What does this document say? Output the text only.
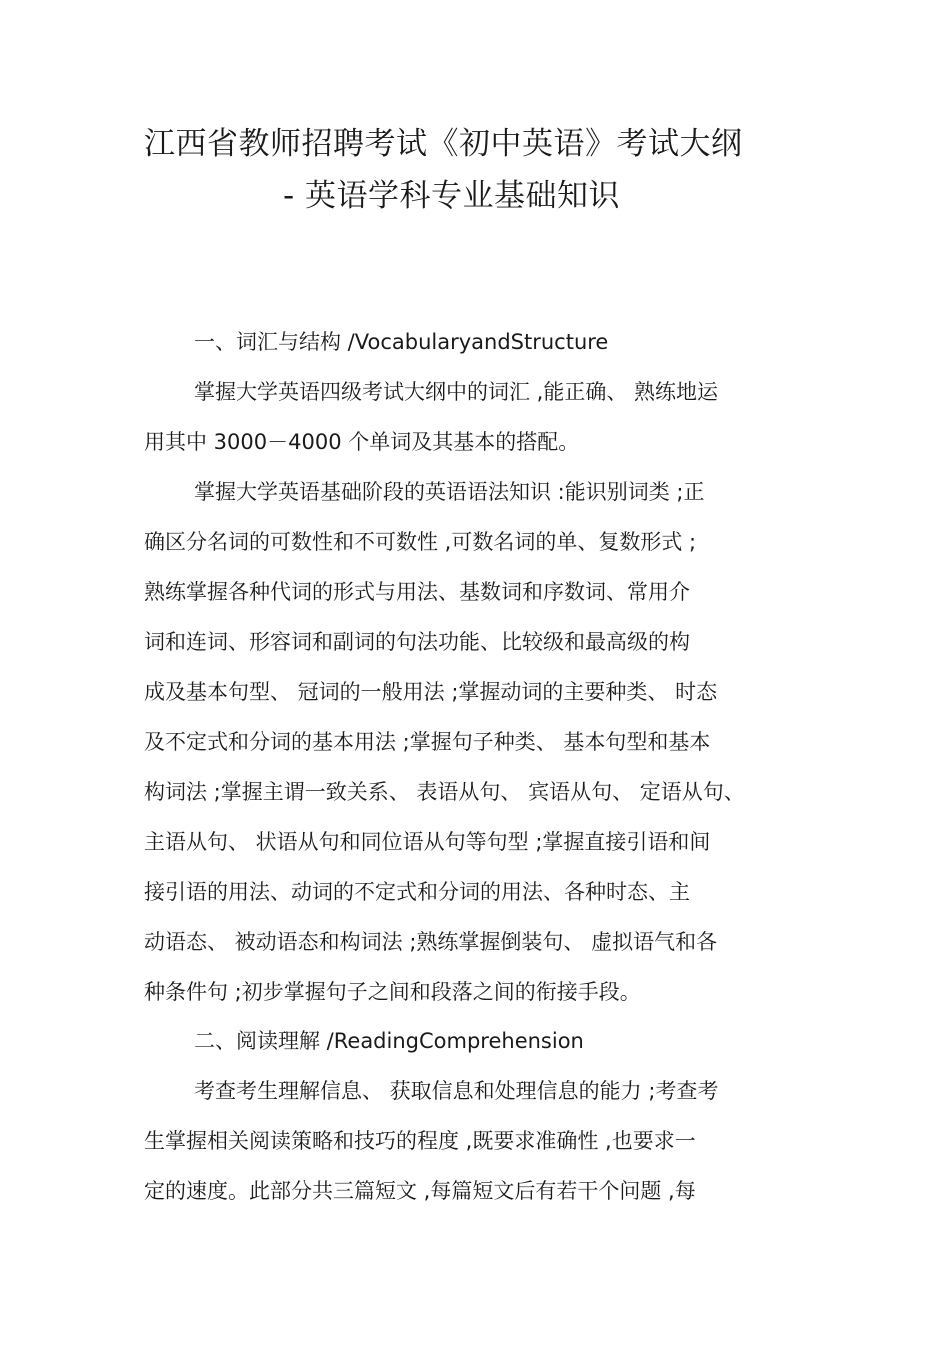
江西省教师招聘考试《初中英语》考试大纲
- 英语学科专业基础知识
一、词汇与结构 /VocabularyandStructure
掌握大学英语四级考试大纲中的词汇 ,能正确、 熟练地运
用其中 3000－4000 个单词及其基本的搭配。
掌握大学英语基础阶段的英语语法知识 :能识别词类 ;正
确区分名词的可数性和不可数性 ,可数名词的单、复数形式 ;
熟练掌握各种代词的形式与用法、基数词和序数词、常用介
词和连词、形容词和副词的句法功能、比较级和最高级的构
成及基本句型、 冠词的一般用法 ;掌握动词的主要种类、 时态
及不定式和分词的基本用法 ;掌握句子种类、 基本句型和基本
构词法 ;掌握主谓一致关系、 表语从句、 宾语从句、 定语从句、
主语从句、 状语从句和同位语从句等句型 ;掌握直接引语和间
接引语的用法、动词的不定式和分词的用法、各种时态、主
动语态、 被动语态和构词法 ;熟练掌握倒装句、 虚拟语气和各
种条件句 ;初步掌握句子之间和段落之间的衔接手段。
二、阅读理解 /ReadingComprehension
考查考生理解信息、 获取信息和处理信息的能力 ;考查考
生掌握相关阅读策略和技巧的程度 ,既要求准确性 ,也要求一
定的速度。此部分共三篇短文 ,每篇短文后有若干个问题 ,每
